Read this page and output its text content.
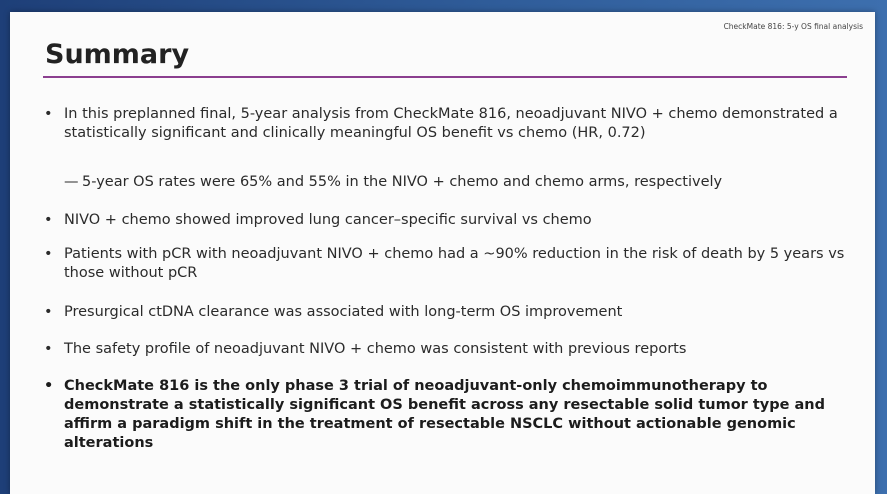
CheckMate 816: 5-y OS final analysis
Summary
• In this preplanned final, 5-year analysis from CheckMate 816, neoadjuvant NIVO + chemo demonstrated a statistically significant and clinically meaningful OS benefit vs chemo (HR, 0.72)
— 5-year OS rates were 65% and 55% in the NIVO + chemo and chemo arms, respectively
• NIVO + chemo showed improved lung cancer–specific survival vs chemo
• Patients with pCR with neoadjuvant NIVO + chemo had a ~90% reduction in the risk of death by 5 years vs those without pCR
• Presurgical ctDNA clearance was associated with long-term OS improvement
• The safety profile of neoadjuvant NIVO + chemo was consistent with previous reports
• CheckMate 816 is the only phase 3 trial of neoadjuvant-only chemoimmunotherapy to demonstrate a statistically significant OS benefit across any resectable solid tumor type and affirm a paradigm shift in the treatment of resectable NSCLC without actionable genomic alterations
